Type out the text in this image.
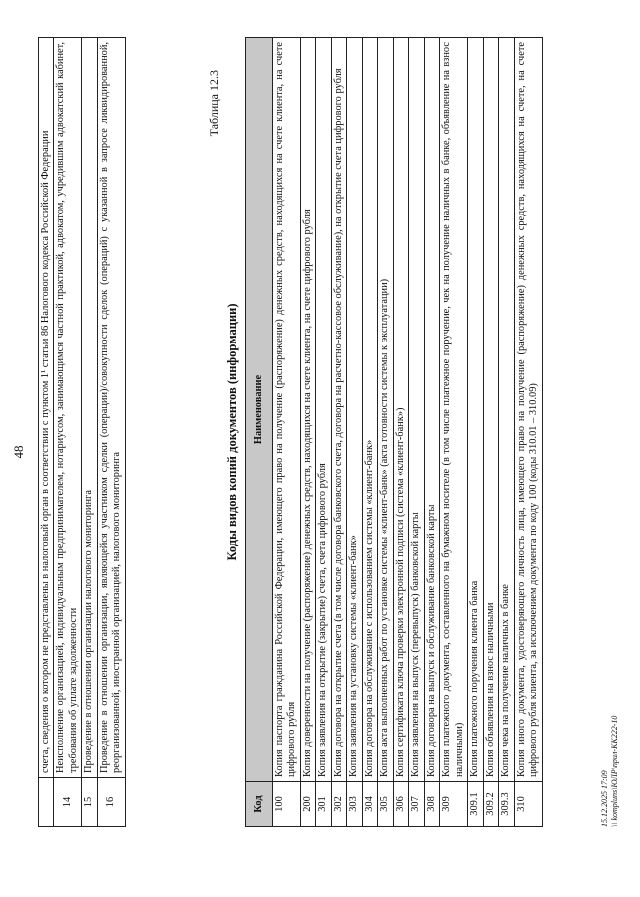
48
	счета, сведения о котором не представлены в налоговый орган в соответствии с пунктом 1¹ статьи 86 Налогового кодекса Российской Федерации
14	Неисполнение организацией, индивидуальным предпринимателем, нотариусом, занимающимся частной практикой, адвокатом, учредившим адвокатский кабинет, требования об уплате задолженности
15	Проведение в отношении организации налогового мониторинга
16	Проведение в отношении организации, являющейся участником сделки (операции)/совокупности сделок (операций) с указанной в запросе ликвидированной, реорганизованной, иностранной организацией, налогового мониторинга
Таблица 12.3
Коды видов копий документов (информации)
Код	Наименование
100	Копия паспорта гражданина Российской Федерации, имеющего право на получение (распоряжение) денежных средств, находящихся на счете клиента, на счете цифрового рубля
200	Копия доверенности на получение (распоряжение) денежных средств, находящихся на счете клиента, на счете цифрового рубля
301	Копия заявления на открытие (закрытие) счета, счета цифрового рубля
302	Копия договора на открытие счета (в том числе договора банковского счета, договора на расчетно-кассовое обслуживание), на открытие счета цифрового рубля
303	Копия заявления на установку системы «клиент-банк»
304	Копия договора на обслуживание с использованием системы «клиент-банк»
305	Копия акта выполненных работ по установке системы «клиент-банк» (акта готовности системы к эксплуатации)
306	Копия сертификата ключа проверки электронной подписи (система «клиент-банк»)
307	Копия заявления на выпуск (перевыпуск) банковской карты
308	Копия договора на выпуск и обслуживание банковской карты
309	Копия платежного документа, составленного на бумажном носителе (в том числе платежное поручение, чек на получение наличных в банке, объявление на взнос наличными)
309.1	Копия платежного поручения клиента банка
309.2	Копия объявления на взнос наличными
309.3	Копия чека на получение наличных в банке
310	Копия иного документа, удостоверяющего личность лица, имеющего право на получение (распоряжение) денежных средств, находящихся на счете, на счете цифрового рубля клиента, за исключением документа по коду 100 (коды 310.01 – 310.09)
15.12.2025 17:09 \\ kompluns\ЮЛР\прил-КК222-10
